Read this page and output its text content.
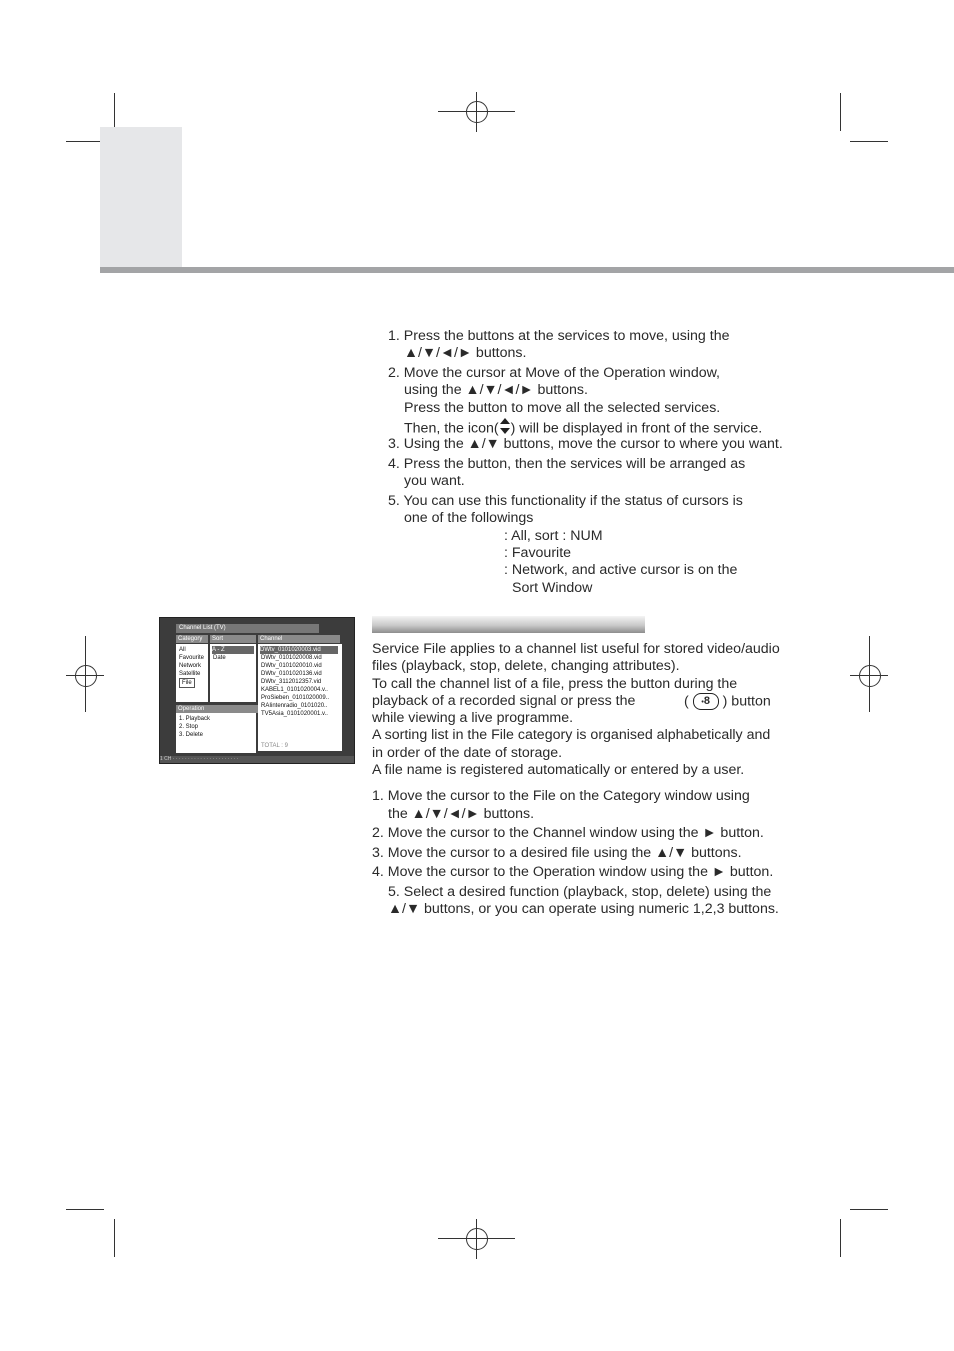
1. Press the buttons at the services to move, using the
▲/▼/◄/► buttons.
2. Move the cursor at Move of the Operation window,
using the ▲/▼/◄/► buttons.
Press the button to move all the selected services.
Then, the icon( ) will be displayed in front of the service.
3. Using the ▲/▼ buttons, move the cursor to where you want.
4. Press the button, then the services will be arranged as
you want.
5. You can use this functionality if the status of cursors is
one of the followings
: All, sort : NUM
: Favourite
: Network, and active cursor is on the
Sort Window
Channel List (TV)
Category	Sort	Channel
All
Favourite
Network
Satellite
File
A - Z
Date
DWtv_0101020003.vid
DWtv_0101020008.vid
DWtv_0101020010.vid
DWtv_0101020136.vid
DWtv_3112012357.vid
KABEL1_0101020004.v..
ProSieben_0101020009..
RAIintenradio_0101020..
TV5Asia_0101020001.v..
TOTAL : 9
Operation
1. Playback
2. Stop
3. Delete
1 CH · · · · · · · · · · · · · · · · · · · · · ·
Service File applies to a channel list useful for stored video/audio
files (playback, stop, delete, changing attributes).
To call the channel list of a file, press the button during the
playback of a recorded signal or press the	( •8 ) button
while viewing a live programme.
A sorting list in the File category is organised alphabetically and
in order of the date of storage.
A file name is registered automatically or entered by a user.
1. Move the cursor to the File on the Category window using
the ▲/▼/◄/► buttons.
2. Move the cursor to the Channel window using the ► button.
3. Move the cursor to a desired file using the ▲/▼ buttons.
4. Move the cursor to the Operation window using the ► button.
5. Select a desired function (playback, stop, delete) using the
▲/▼ buttons, or you can operate using numeric 1,2,3 buttons.
